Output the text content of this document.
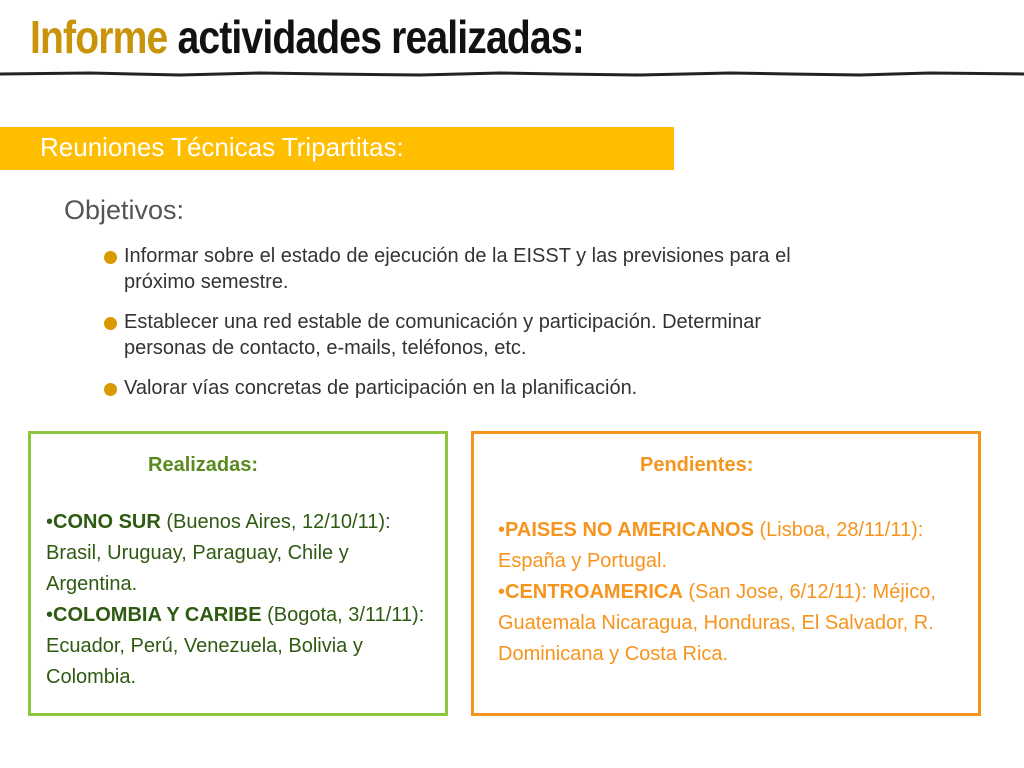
Informe actividades realizadas:
Reuniones Técnicas Tripartitas:
Objetivos:
Informar sobre el estado de ejecución de la EISST y las previsiones para el próximo semestre.
Establecer una red estable de comunicación y participación. Determinar personas de contacto, e-mails, teléfonos, etc.
Valorar vías concretas de participación en la planificación.
Realizadas:
•CONO SUR (Buenos Aires, 12/10/11): Brasil, Uruguay, Paraguay, Chile y Argentina.
•COLOMBIA Y CARIBE (Bogota, 3/11/11): Ecuador, Perú, Venezuela, Bolivia y Colombia.
Pendientes:
•PAISES NO AMERICANOS (Lisboa, 28/11/11): España y Portugal.
•CENTROAMERICA (San Jose, 6/12/11): Méjico, Guatemala Nicaragua, Honduras, El Salvador, R. Dominicana y Costa Rica.
